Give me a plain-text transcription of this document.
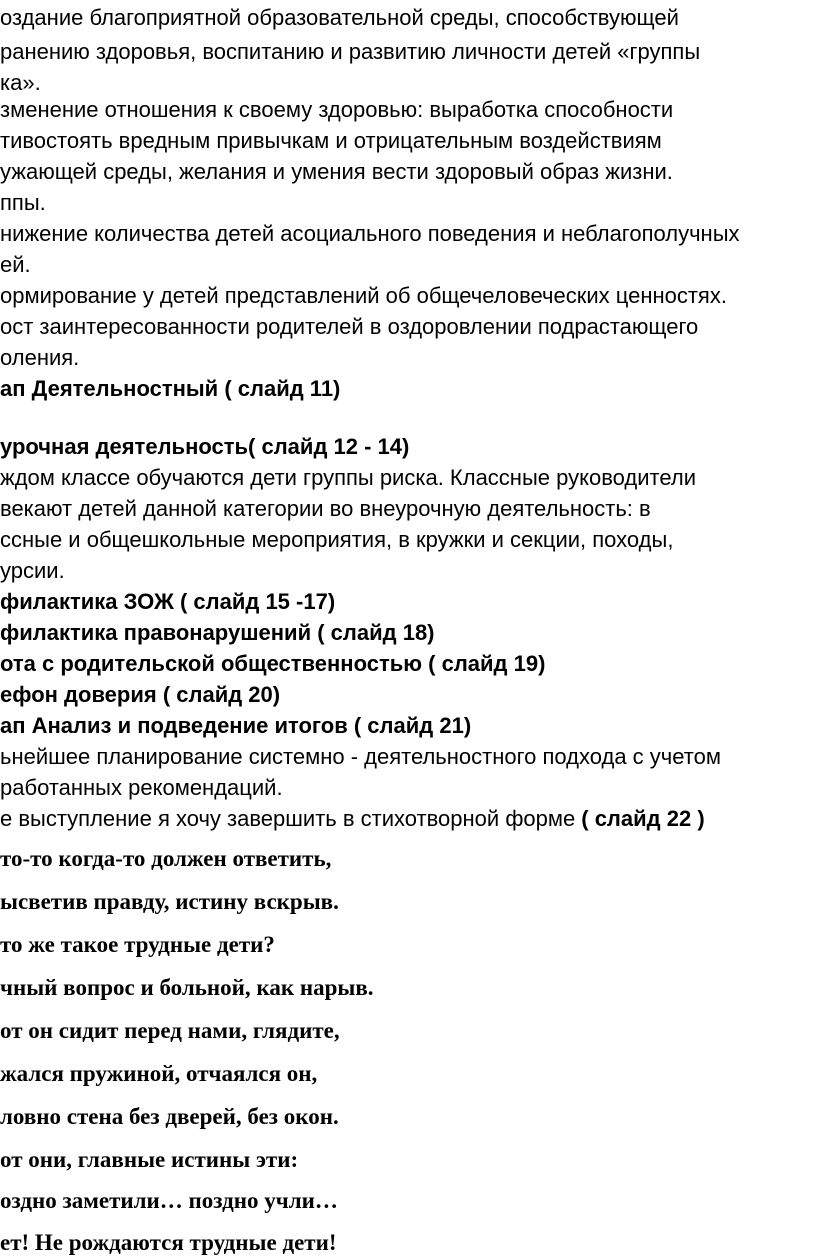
оздание благоприятной образовательной среды, способствующей
ранению здоровья, воспитанию и развитию личности детей «группы
ка».
зменение отношения к своему здоровью: выработка способности
тивостоять вредным привычкам и отрицательным воздействиям
ужающей среды, желания и умения вести здоровый образ жизни.
ппы.
нижение количества детей асоциального поведения и неблагополучных
ей.
ормирование у детей представлений об общечеловеческих ценностях.
ост заинтересованности родителей в оздоровлении подрастающего
оления.
ап Деятельностный ( слайд 11)
урочная деятельность( слайд 12 - 14)
ждом классе обучаются дети группы риска. Классные руководители
векают детей данной категории во внеурочную деятельность: в
ссные и общешкольные мероприятия, в кружки и секции, походы,
урсии.
филактика ЗОЖ ( слайд 15 -17)
филактика правонарушений ( слайд 18)
ота с родительской общественностью ( слайд 19)
ефон доверия ( слайд 20)
ап Анализ и подведение итогов ( слайд 21)
ьнейшее планирование системно - деятельностного подхода с учетом
работанных рекомендаций.
е выступление я хочу завершить в стихотворной форме ( слайд 22 )
то-то когда-то должен ответить,
ысветив правду, истину вскрыв.
то же такое трудные дети?
чный вопрос и больной, как нарыв.
от он сидит перед нами, глядите,
жался пружиной, отчаялся он,
ловно стена без дверей, без окон.
от они, главные истины эти:
оздно заметили… поздно учли…
ет! Не рождаются трудные дети!
